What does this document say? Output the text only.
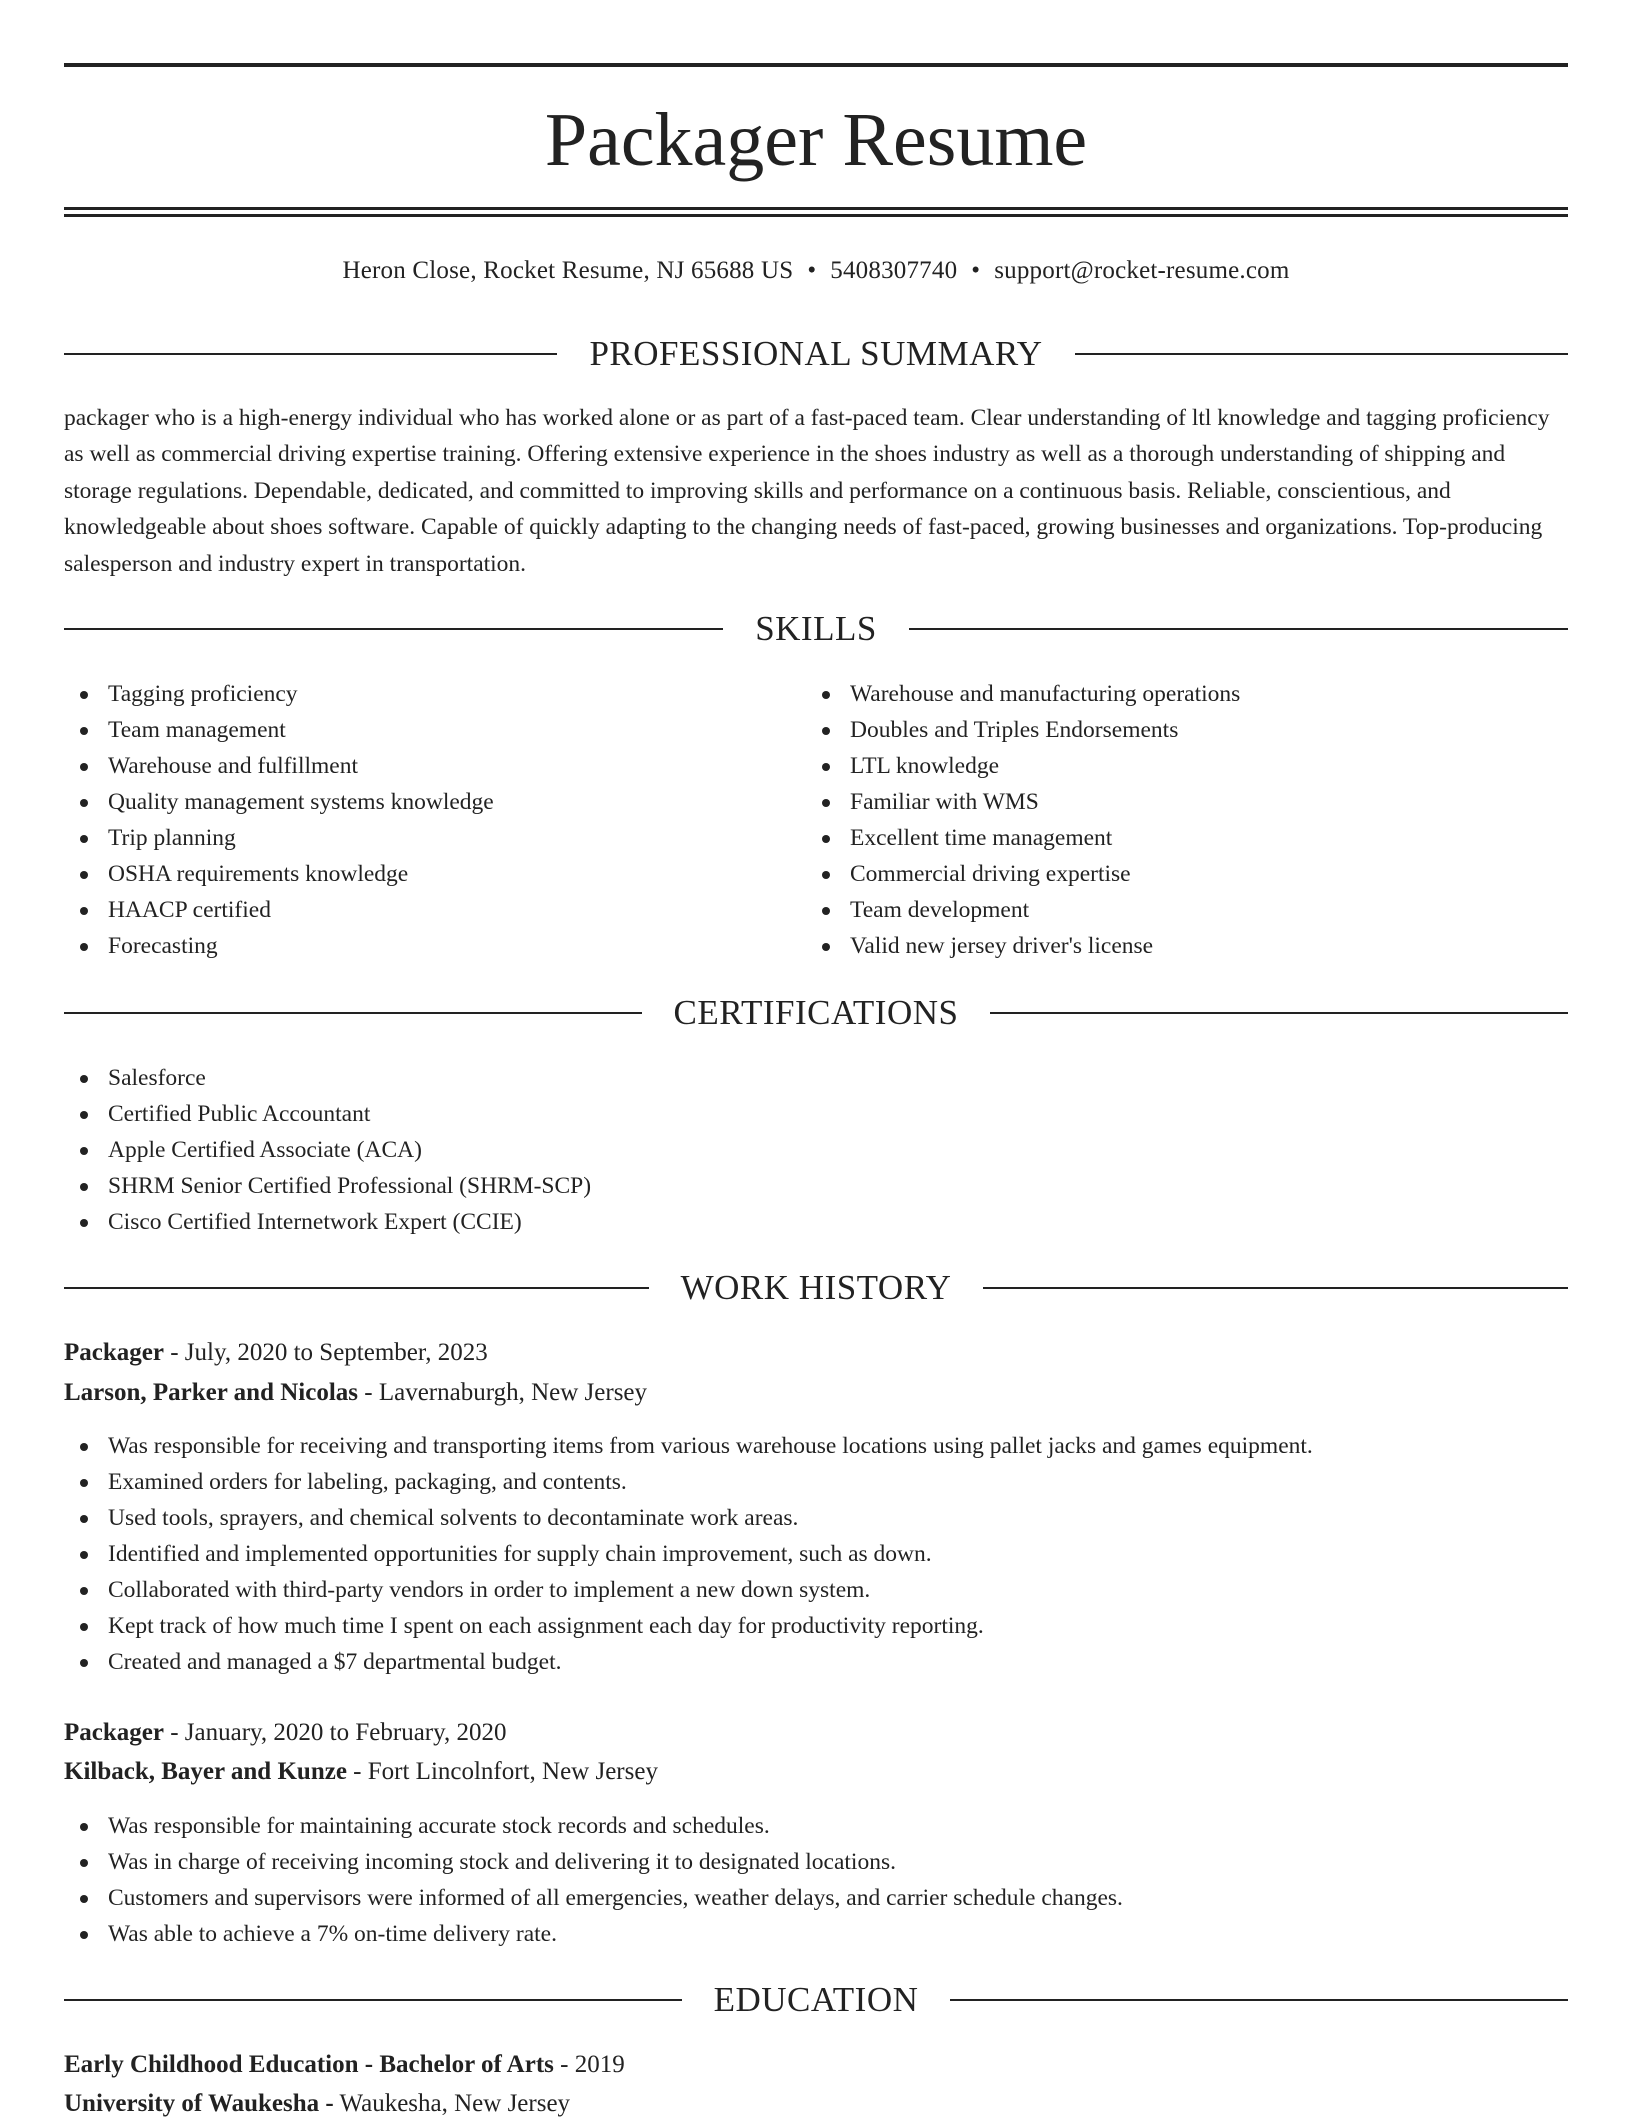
Packager Resume
Heron Close, Rocket Resume, NJ 65688 US • 5408307740 • support@rocket-resume.com
PROFESSIONAL SUMMARY

packager who is a high-energy individual who has worked alone or as part of a fast-paced team. Clear understanding of ltl knowledge and tagging proficiency as well as commercial driving expertise training. Offering extensive experience in the shoes industry as well as a thorough understanding of shipping and storage regulations. Dependable, dedicated, and committed to improving skills and performance on a continuous basis. Reliable, conscientious, and knowledgeable about shoes software. Capable of quickly adapting to the changing needs of fast-paced, growing businesses and organizations. Top-producing salesperson and industry expert in transportation.

SKILLS
Tagging proficiency
Team management
Warehouse and fulfillment
Quality management systems knowledge
Trip planning
OSHA requirements knowledge
HAACP certified
Forecasting
Warehouse and manufacturing operations
Doubles and Triples Endorsements
LTL knowledge
Familiar with WMS
Excellent time management
Commercial driving expertise
Team development
Valid new jersey driver's license
CERTIFICATIONS
Salesforce
Certified Public Accountant
Apple Certified Associate (ACA)
SHRM Senior Certified Professional (SHRM-SCP)
Cisco Certified Internetwork Expert (CCIE)
WORK HISTORY
Packager - July, 2020 to September, 2023
Larson, Parker and Nicolas - Lavernaburgh, New Jersey
Was responsible for receiving and transporting items from various warehouse locations using pallet jacks and games equipment.
Examined orders for labeling, packaging, and contents.
Used tools, sprayers, and chemical solvents to decontaminate work areas.
Identified and implemented opportunities for supply chain improvement, such as down.
Collaborated with third-party vendors in order to implement a new down system.
Kept track of how much time I spent on each assignment each day for productivity reporting.
Created and managed a $7 departmental budget.
Packager - January, 2020 to February, 2020
Kilback, Bayer and Kunze - Fort Lincolnfort, New Jersey
Was responsible for maintaining accurate stock records and schedules.
Was in charge of receiving incoming stock and delivering it to designated locations.
Customers and supervisors were informed of all emergencies, weather delays, and carrier schedule changes.
Was able to achieve a 7% on-time delivery rate.
EDUCATION
Early Childhood Education - Bachelor of Arts - 2019
University of Waukesha - Waukesha, New Jersey
